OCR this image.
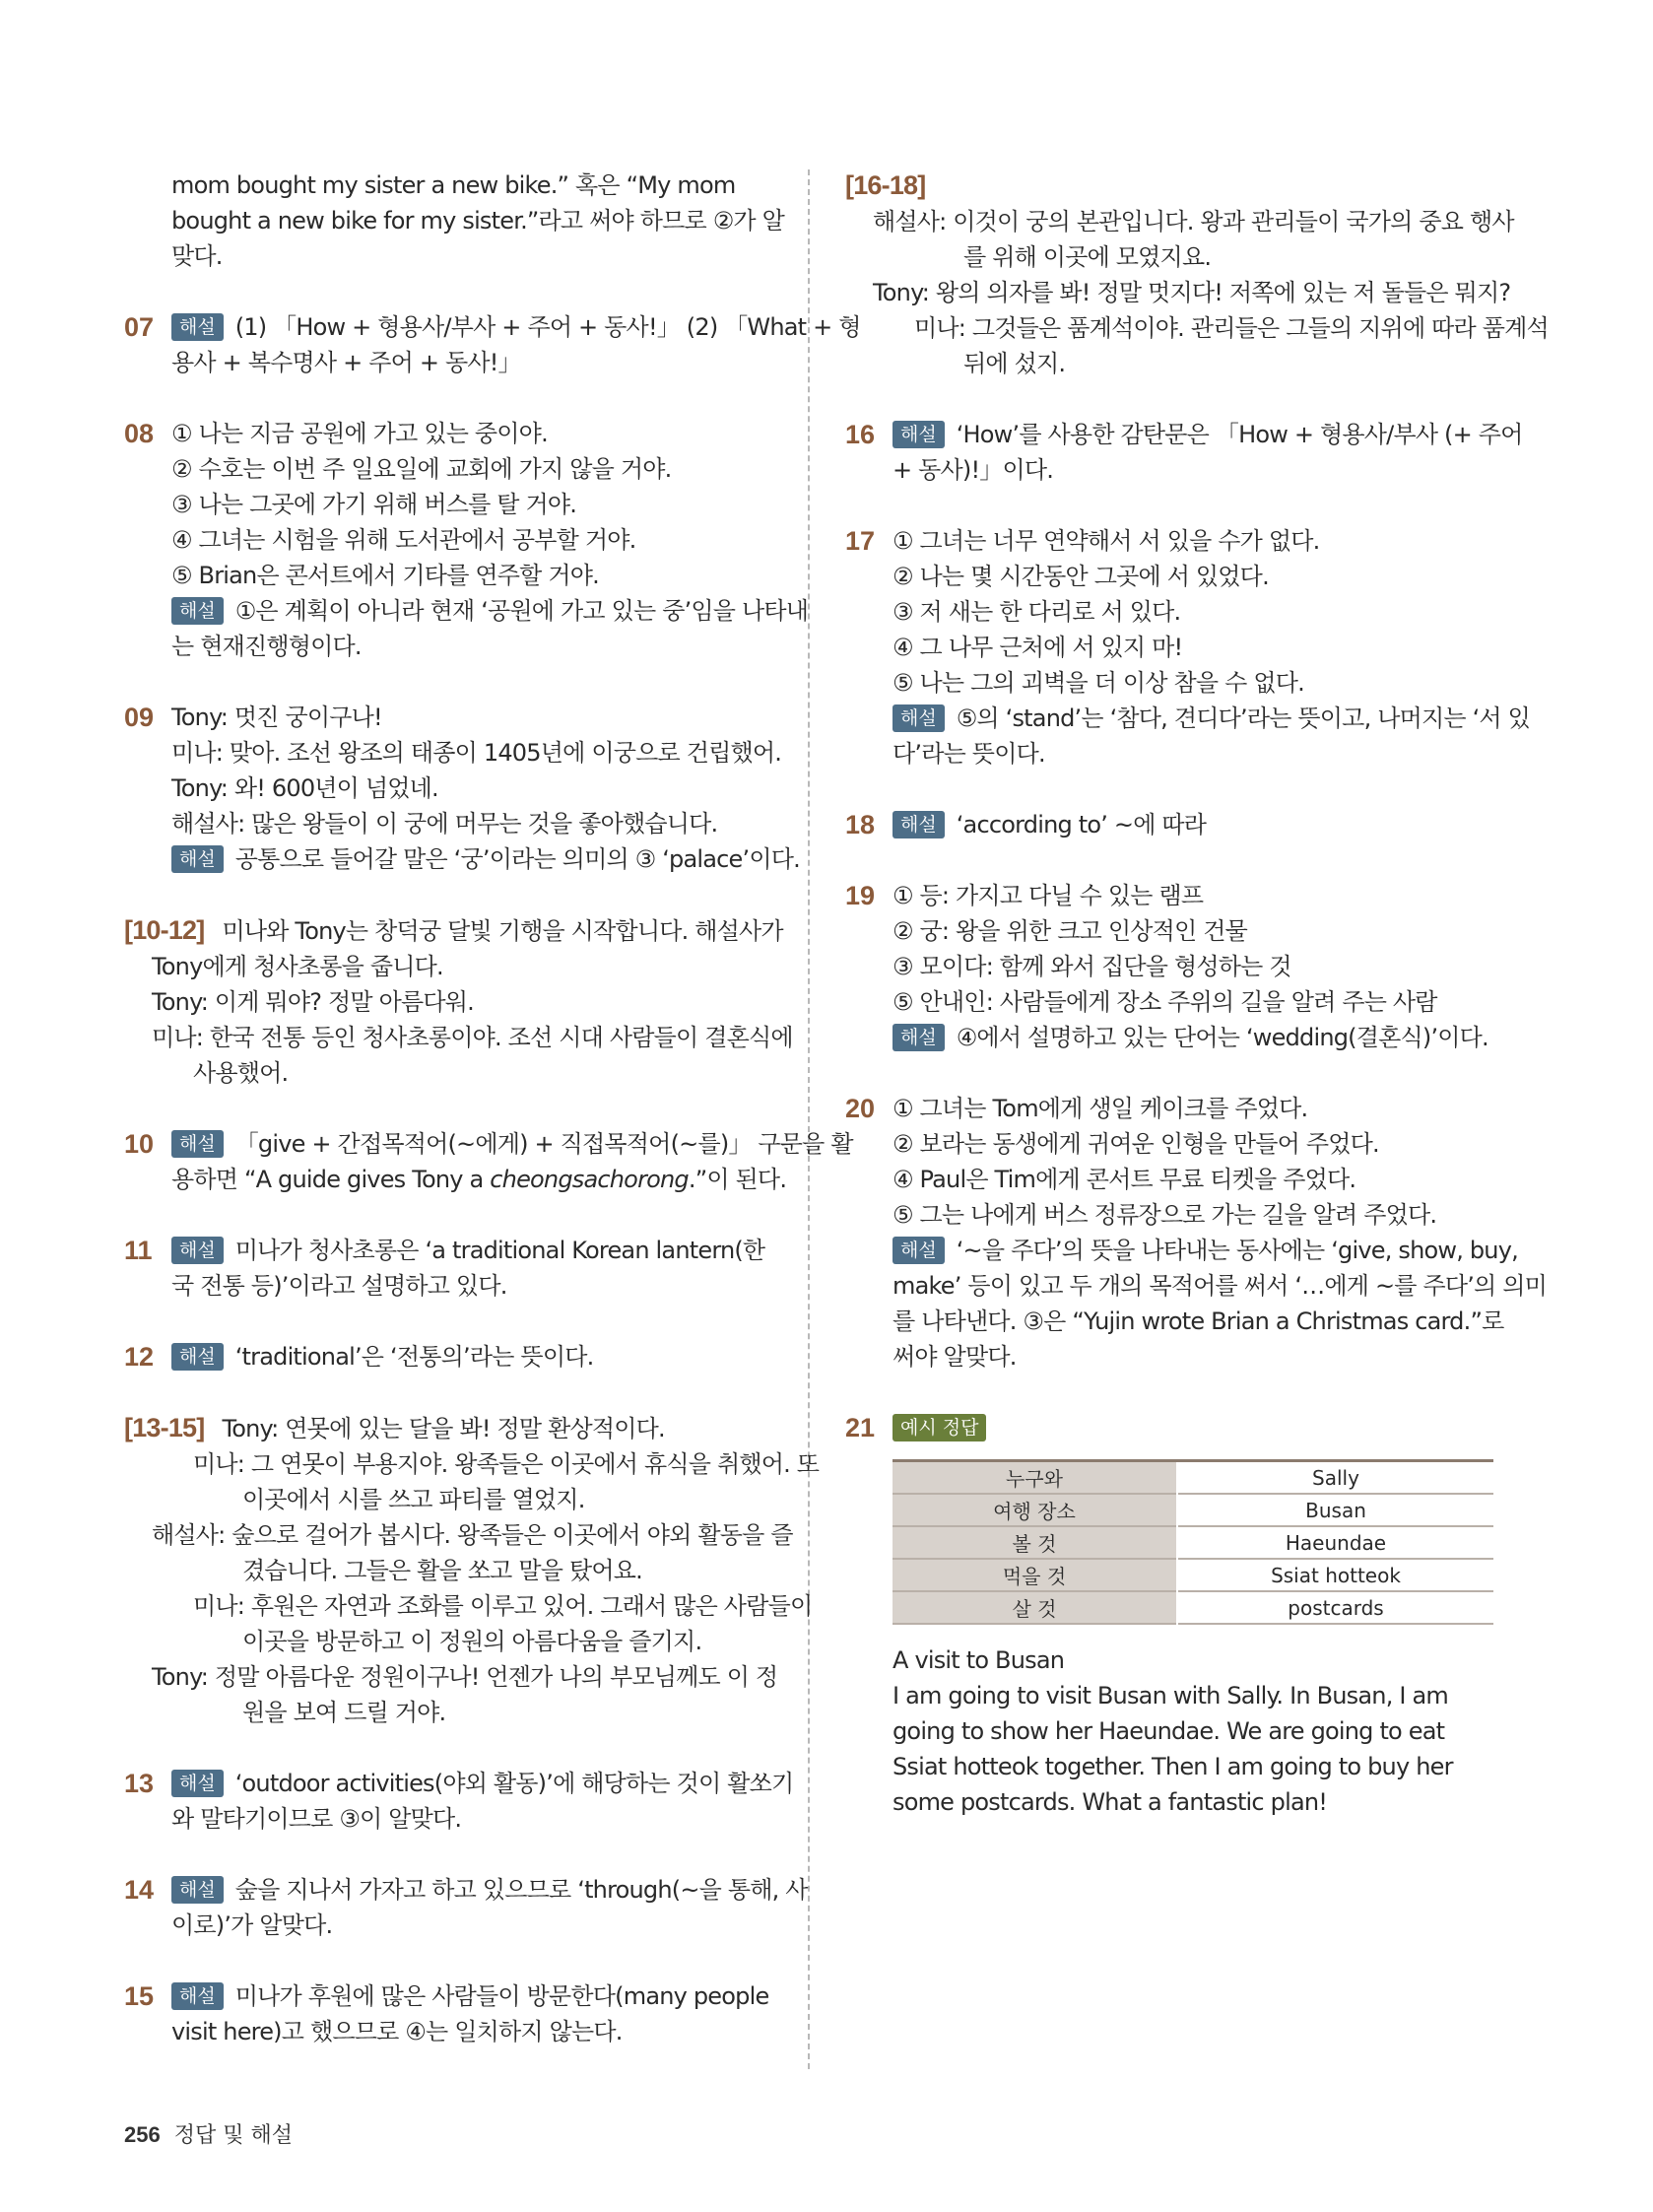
mom bought my sister a new bike.” 혹은 “My mom
bought a new bike for my sister.”라고 써야 하므로 ②가 알
맞다.
07	해설 (1) 「How + 형용사/부사 + 주어 + 동사!」 (2) 「What + 형
용사 + 복수명사 + 주어 + 동사!」
08 ① 나는 지금 공원에 가고 있는 중이야.
② 수호는 이번 주 일요일에 교회에 가지 않을 거야.
③ 나는 그곳에 가기 위해 버스를 탈 거야.
④ 그녀는 시험을 위해 도서관에서 공부할 거야.
⑤ Brian은 콘서트에서 기타를 연주할 거야.
해설 ①은 계획이 아니라 현재 ‘공원에 가고 있는 중’임을 나타내
는 현재진행형이다.
09 Tony: 멋진 궁이구나!
미나: 맞아. 조선 왕조의 태종이 1405년에 이궁으로 건립했어.
Tony: 와! 600년이 넘었네.
해설사: 많은 왕들이 이 궁에 머무는 것을 좋아했습니다.
해설 공통으로 들어갈 말은 ‘궁’이라는 의미의 ③ ‘palace’이다.
[10-12] 미나와 Tony는 창덕궁 달빛 기행을 시작합니다. 해설사가
Tony에게 청사초롱을 줍니다.
Tony: 이게 뭐야? 정말 아름다워.
미나: 한국 전통 등인 청사초롱이야. 조선 시대 사람들이 결혼식에
사용했어.
10	해설 「give + 간접목적어(~에게) + 직접목적어(~를)」 구문을 활
용하면 “A guide gives Tony a cheongsachorong.”이 된다.
11	해설 미나가 청사초롱은 ‘a traditional Korean lantern(한
국 전통 등)’이라고 설명하고 있다.
12	해설 ‘traditional’은 ‘전통의’라는 뜻이다.
[13-15] Tony: 연못에 있는 달을 봐! 정말 환상적이다.
미나: 그 연못이 부용지야. 왕족들은 이곳에서 휴식을 취했어. 또
이곳에서 시를 쓰고 파티를 열었지.
해설사: 숲으로 걸어가 봅시다. 왕족들은 이곳에서 야외 활동을 즐
겼습니다. 그들은 활을 쏘고 말을 탔어요.
미나: 후원은 자연과 조화를 이루고 있어. 그래서 많은 사람들이
이곳을 방문하고 이 정원의 아름다움을 즐기지.
Tony: 정말 아름다운 정원이구나! 언젠가 나의 부모님께도 이 정
원을 보여 드릴 거야.
13	해설 ‘outdoor activities(야외 활동)’에 해당하는 것이 활쏘기
와 말타기이므로 ③이 알맞다.
14	해설 숲을 지나서 가자고 하고 있으므로 ‘through(~을 통해, 사
이로)’가 알맞다.
15	해설 미나가 후원에 많은 사람들이 방문한다(many people
visit here)고 했으므로 ④는 일치하지 않는다.
[16-18]
해설사: 이것이 궁의 본관입니다. 왕과 관리들이 국가의 중요 행사
를 위해 이곳에 모였지요.
Tony: 왕의 의자를 봐! 정말 멋지다! 저쪽에 있는 저 돌들은 뭐지?
미나: 그것들은 품계석이야. 관리들은 그들의 지위에 따라 품계석
뒤에 섰지.
16	해설 ‘How’를 사용한 감탄문은 「How + 형용사/부사 (+ 주어
+ 동사)!」이다.
17 ① 그녀는 너무 연약해서 서 있을 수가 없다.
② 나는 몇 시간동안 그곳에 서 있었다.
③ 저 새는 한 다리로 서 있다.
④ 그 나무 근처에 서 있지 마!
⑤ 나는 그의 괴벽을 더 이상 참을 수 없다.
해설 ⑤의 ‘stand’는 ‘참다, 견디다’라는 뜻이고, 나머지는 ‘서 있
다’라는 뜻이다.
18	해설 ‘according to’ ~에 따라
19 ① 등: 가지고 다닐 수 있는 램프
② 궁: 왕을 위한 크고 인상적인 건물
③ 모이다: 함께 와서 집단을 형성하는 것
⑤ 안내인: 사람들에게 장소 주위의 길을 알려 주는 사람
해설 ④에서 설명하고 있는 단어는 ‘wedding(결혼식)’이다.
20 ① 그녀는 Tom에게 생일 케이크를 주었다.
② 보라는 동생에게 귀여운 인형을 만들어 주었다.
④ Paul은 Tim에게 콘서트 무료 티켓을 주었다.
⑤ 그는 나에게 버스 정류장으로 가는 길을 알려 주었다.
해설 ‘~을 주다’의 뜻을 나타내는 동사에는 ‘give, show, buy,
make’ 등이 있고 두 개의 목적어를 써서 ‘…에게 ~를 주다’의 의미
를 나타낸다. ③은 “Yujin wrote Brian a Christmas card.”로
써야 알맞다.
21	예시 정답
누구와	Sally
여행 장소	Busan
볼 것	Haeundae
먹을 것	Ssiat hotteok
살 것	postcards
A visit to Busan
I am going to visit Busan with Sally. In Busan, I am
going to show her Haeundae. We are going to eat
Ssiat hotteok together. Then I am going to buy her
some postcards. What a fantastic plan!
256 정답 및 해설
